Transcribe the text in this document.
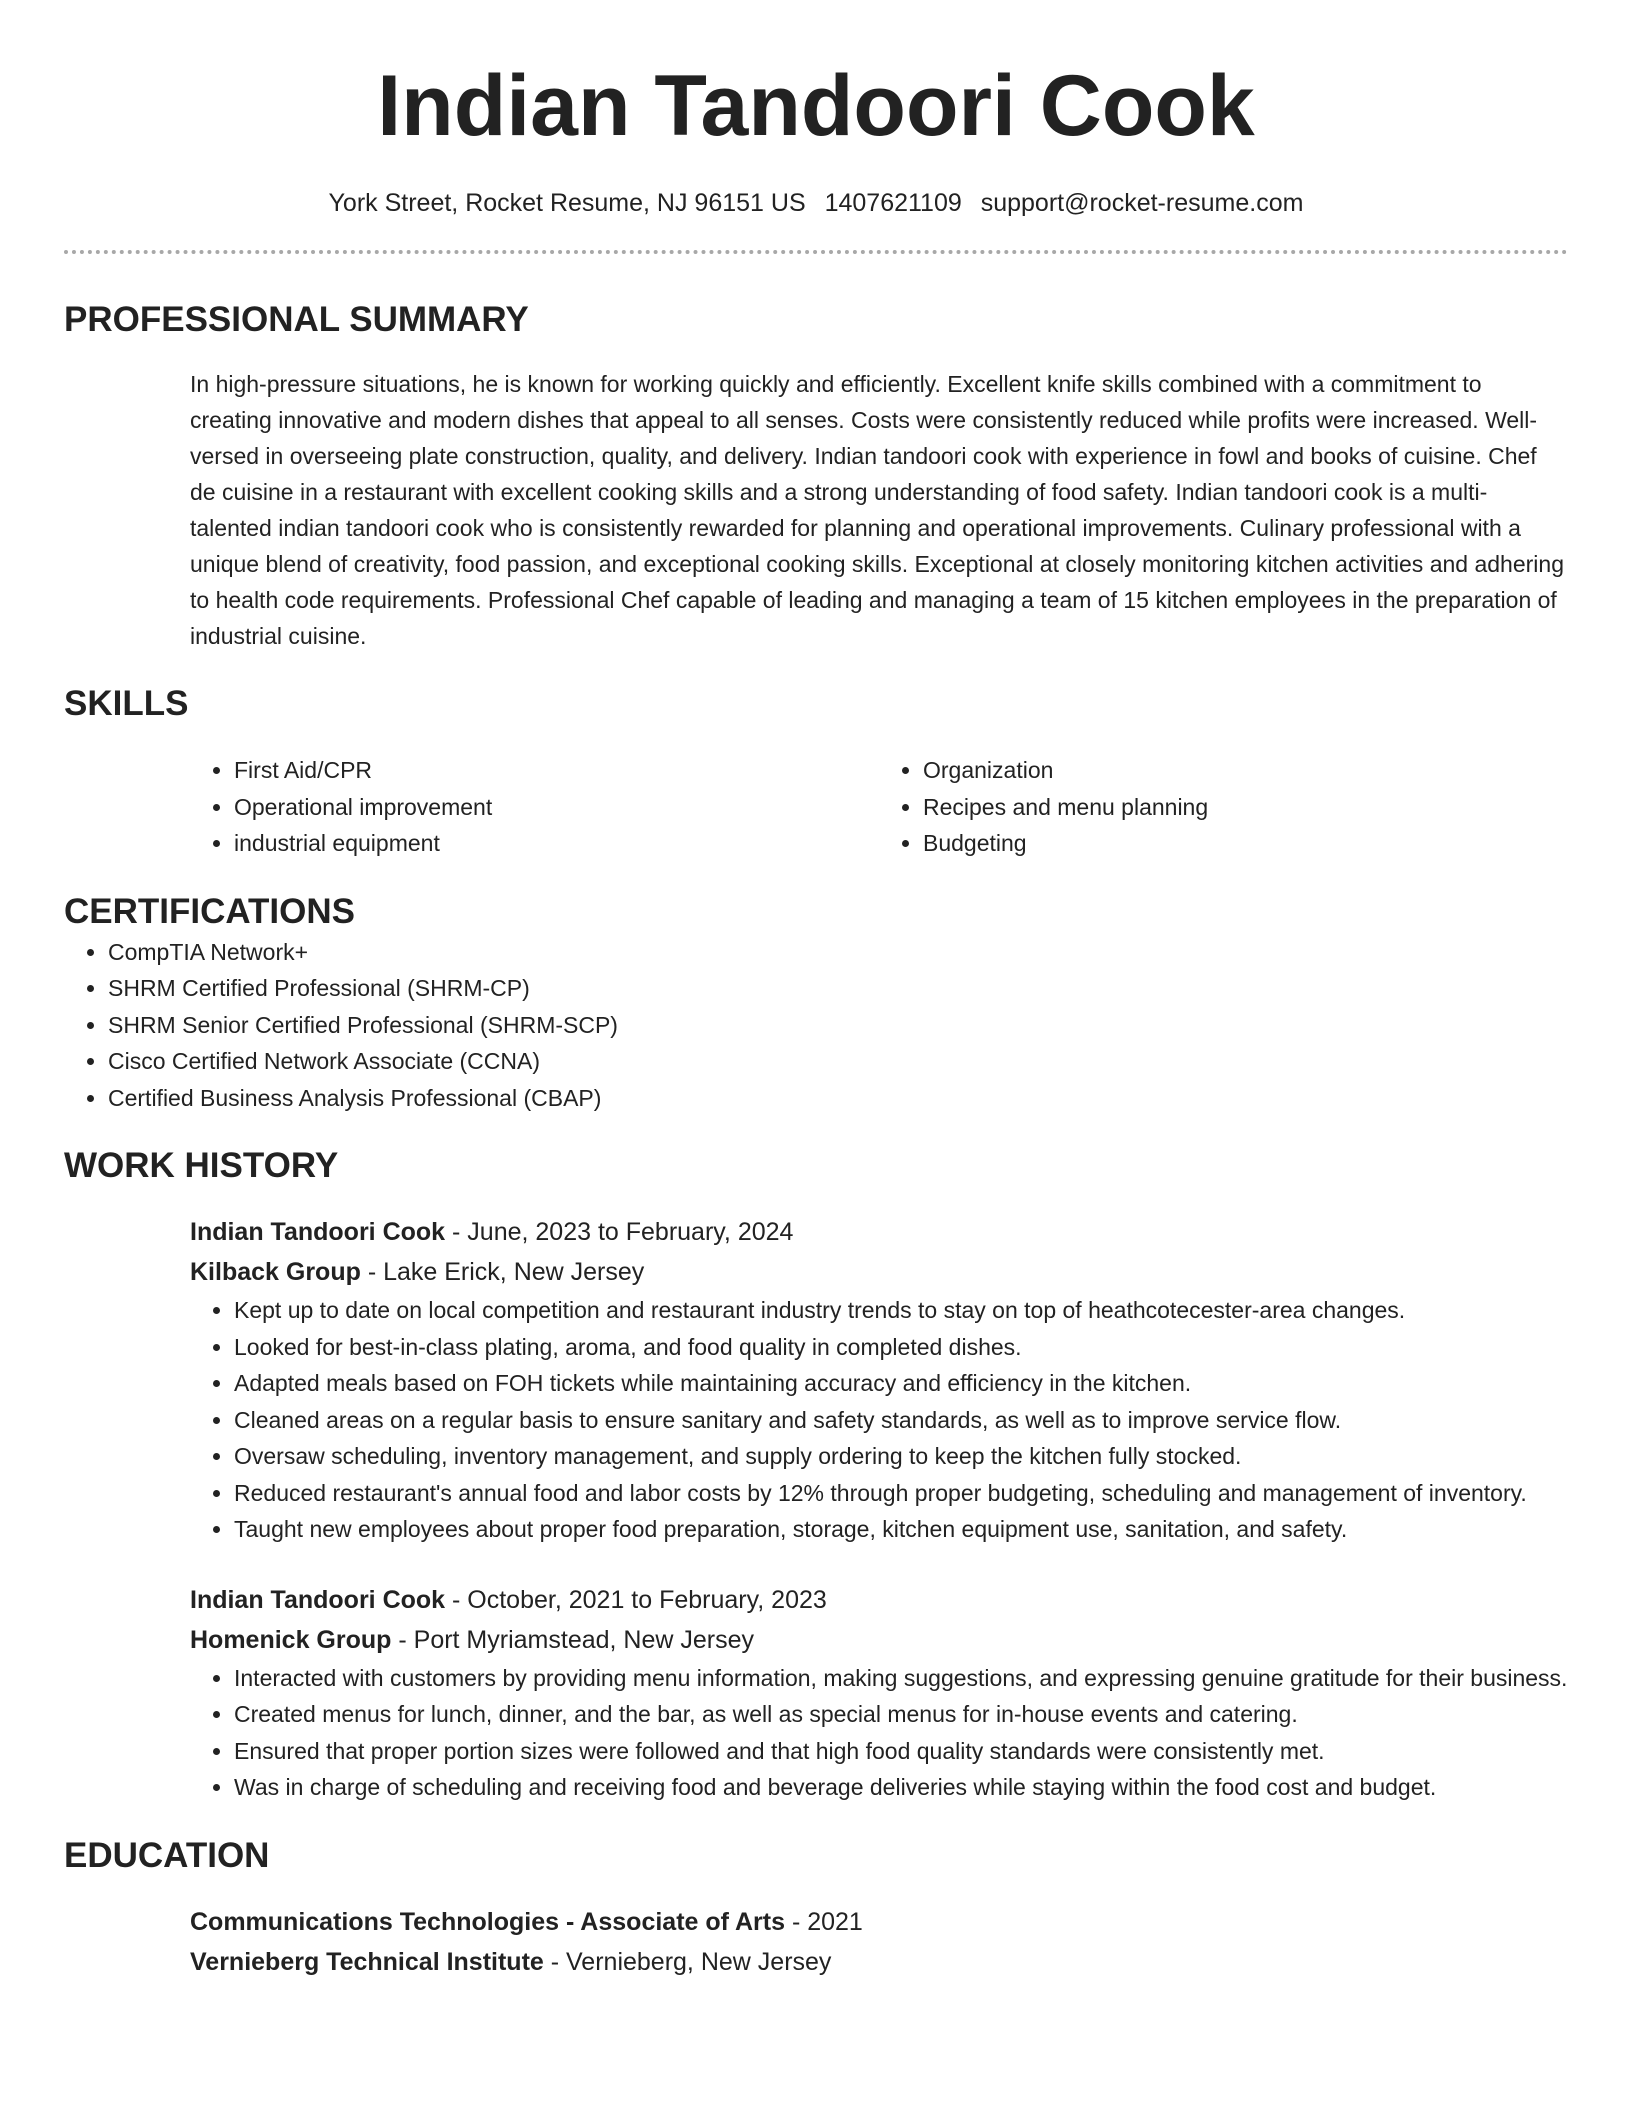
Indian Tandoori Cook
York Street, Rocket Resume, NJ 96151 US 1407621109 support@rocket-resume.com
PROFESSIONAL SUMMARY

In high-pressure situations, he is known for working quickly and efficiently. Excellent knife skills combined with a commitment to creating innovative and modern dishes that appeal to all senses. Costs were consistently reduced while profits were increased. Well-versed in overseeing plate construction, quality, and delivery. Indian tandoori cook with experience in fowl and books of cuisine. Chef de cuisine in a restaurant with excellent cooking skills and a strong understanding of food safety. Indian tandoori cook is a multi-talented indian tandoori cook who is consistently rewarded for planning and operational improvements. Culinary professional with a unique blend of creativity, food passion, and exceptional cooking skills. Exceptional at closely monitoring kitchen activities and adhering to health code requirements. Professional Chef capable of leading and managing a team of 15 kitchen employees in the preparation of industrial cuisine.

SKILLS
• First Aid/CPR
• Operational improvement
• industrial equipment
• Organization
• Recipes and menu planning
• Budgeting
CERTIFICATIONS
• CompTIA Network+
• SHRM Certified Professional (SHRM-CP)
• SHRM Senior Certified Professional (SHRM-SCP)
• Cisco Certified Network Associate (CCNA)
• Certified Business Analysis Professional (CBAP)
WORK HISTORY
Indian Tandoori Cook - June, 2023 to February, 2024
Kilback Group - Lake Erick, New Jersey
• Kept up to date on local competition and restaurant industry trends to stay on top of heathcotecester-area changes.
• Looked for best-in-class plating, aroma, and food quality in completed dishes.
• Adapted meals based on FOH tickets while maintaining accuracy and efficiency in the kitchen.
• Cleaned areas on a regular basis to ensure sanitary and safety standards, as well as to improve service flow.
• Oversaw scheduling, inventory management, and supply ordering to keep the kitchen fully stocked.
• Reduced restaurant's annual food and labor costs by 12% through proper budgeting, scheduling and management of inventory.
• Taught new employees about proper food preparation, storage, kitchen equipment use, sanitation, and safety.
Indian Tandoori Cook - October, 2021 to February, 2023
Homenick Group - Port Myriamstead, New Jersey
• Interacted with customers by providing menu information, making suggestions, and expressing genuine gratitude for their business.
• Created menus for lunch, dinner, and the bar, as well as special menus for in-house events and catering.
• Ensured that proper portion sizes were followed and that high food quality standards were consistently met.
• Was in charge of scheduling and receiving food and beverage deliveries while staying within the food cost and budget.
EDUCATION
Communications Technologies - Associate of Arts - 2021
Vernieberg Technical Institute - Vernieberg, New Jersey
